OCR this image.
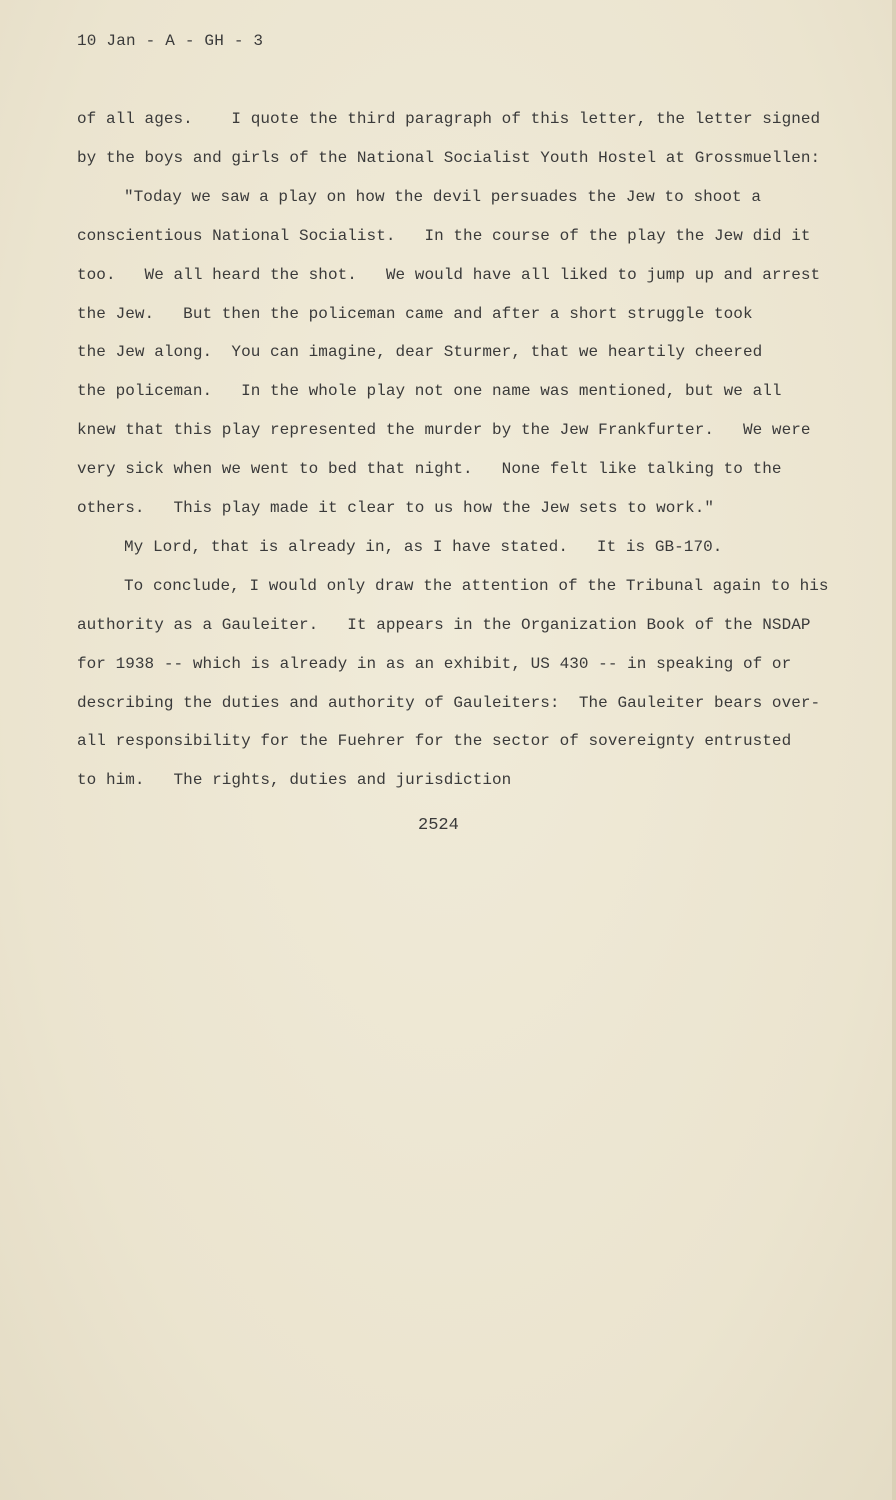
10 Jan - A - GH - 3
of all ages.    I quote the third paragraph of this letter, the letter signed
by the boys and girls of the National Socialist Youth Hostel at Grossmuellen:
"Today we saw a play on how the devil persuades the Jew to shoot a
conscientious National Socialist.   In the course of the play the Jew did it
too.   We all heard the shot.   We would have all liked to jump up and arrest
the Jew.   But then the policeman came and after a short struggle took
the Jew along.  You can imagine, dear Sturmer, that we heartily cheered
the policeman.   In the whole play not one name was mentioned, but we all
knew that this play represented the murder by the Jew Frankfurter.   We were
very sick when we went to bed that night.   None felt like talking to the
others.   This play made it clear to us how the Jew sets to work."
My Lord, that is already in, as I have stated.   It is GB-170.
To conclude, I would only draw the attention of the Tribunal again to his
authority as a Gauleiter.   It appears in the Organization Book of the NSDAP
for 1938 -- which is already in as an exhibit, US 430 -- in speaking of or
describing the duties and authority of Gauleiters:  The Gauleiter bears over-
all responsibility for the Fuehrer for the sector of sovereignty entrusted
to him.   The rights, duties and jurisdiction
2524
